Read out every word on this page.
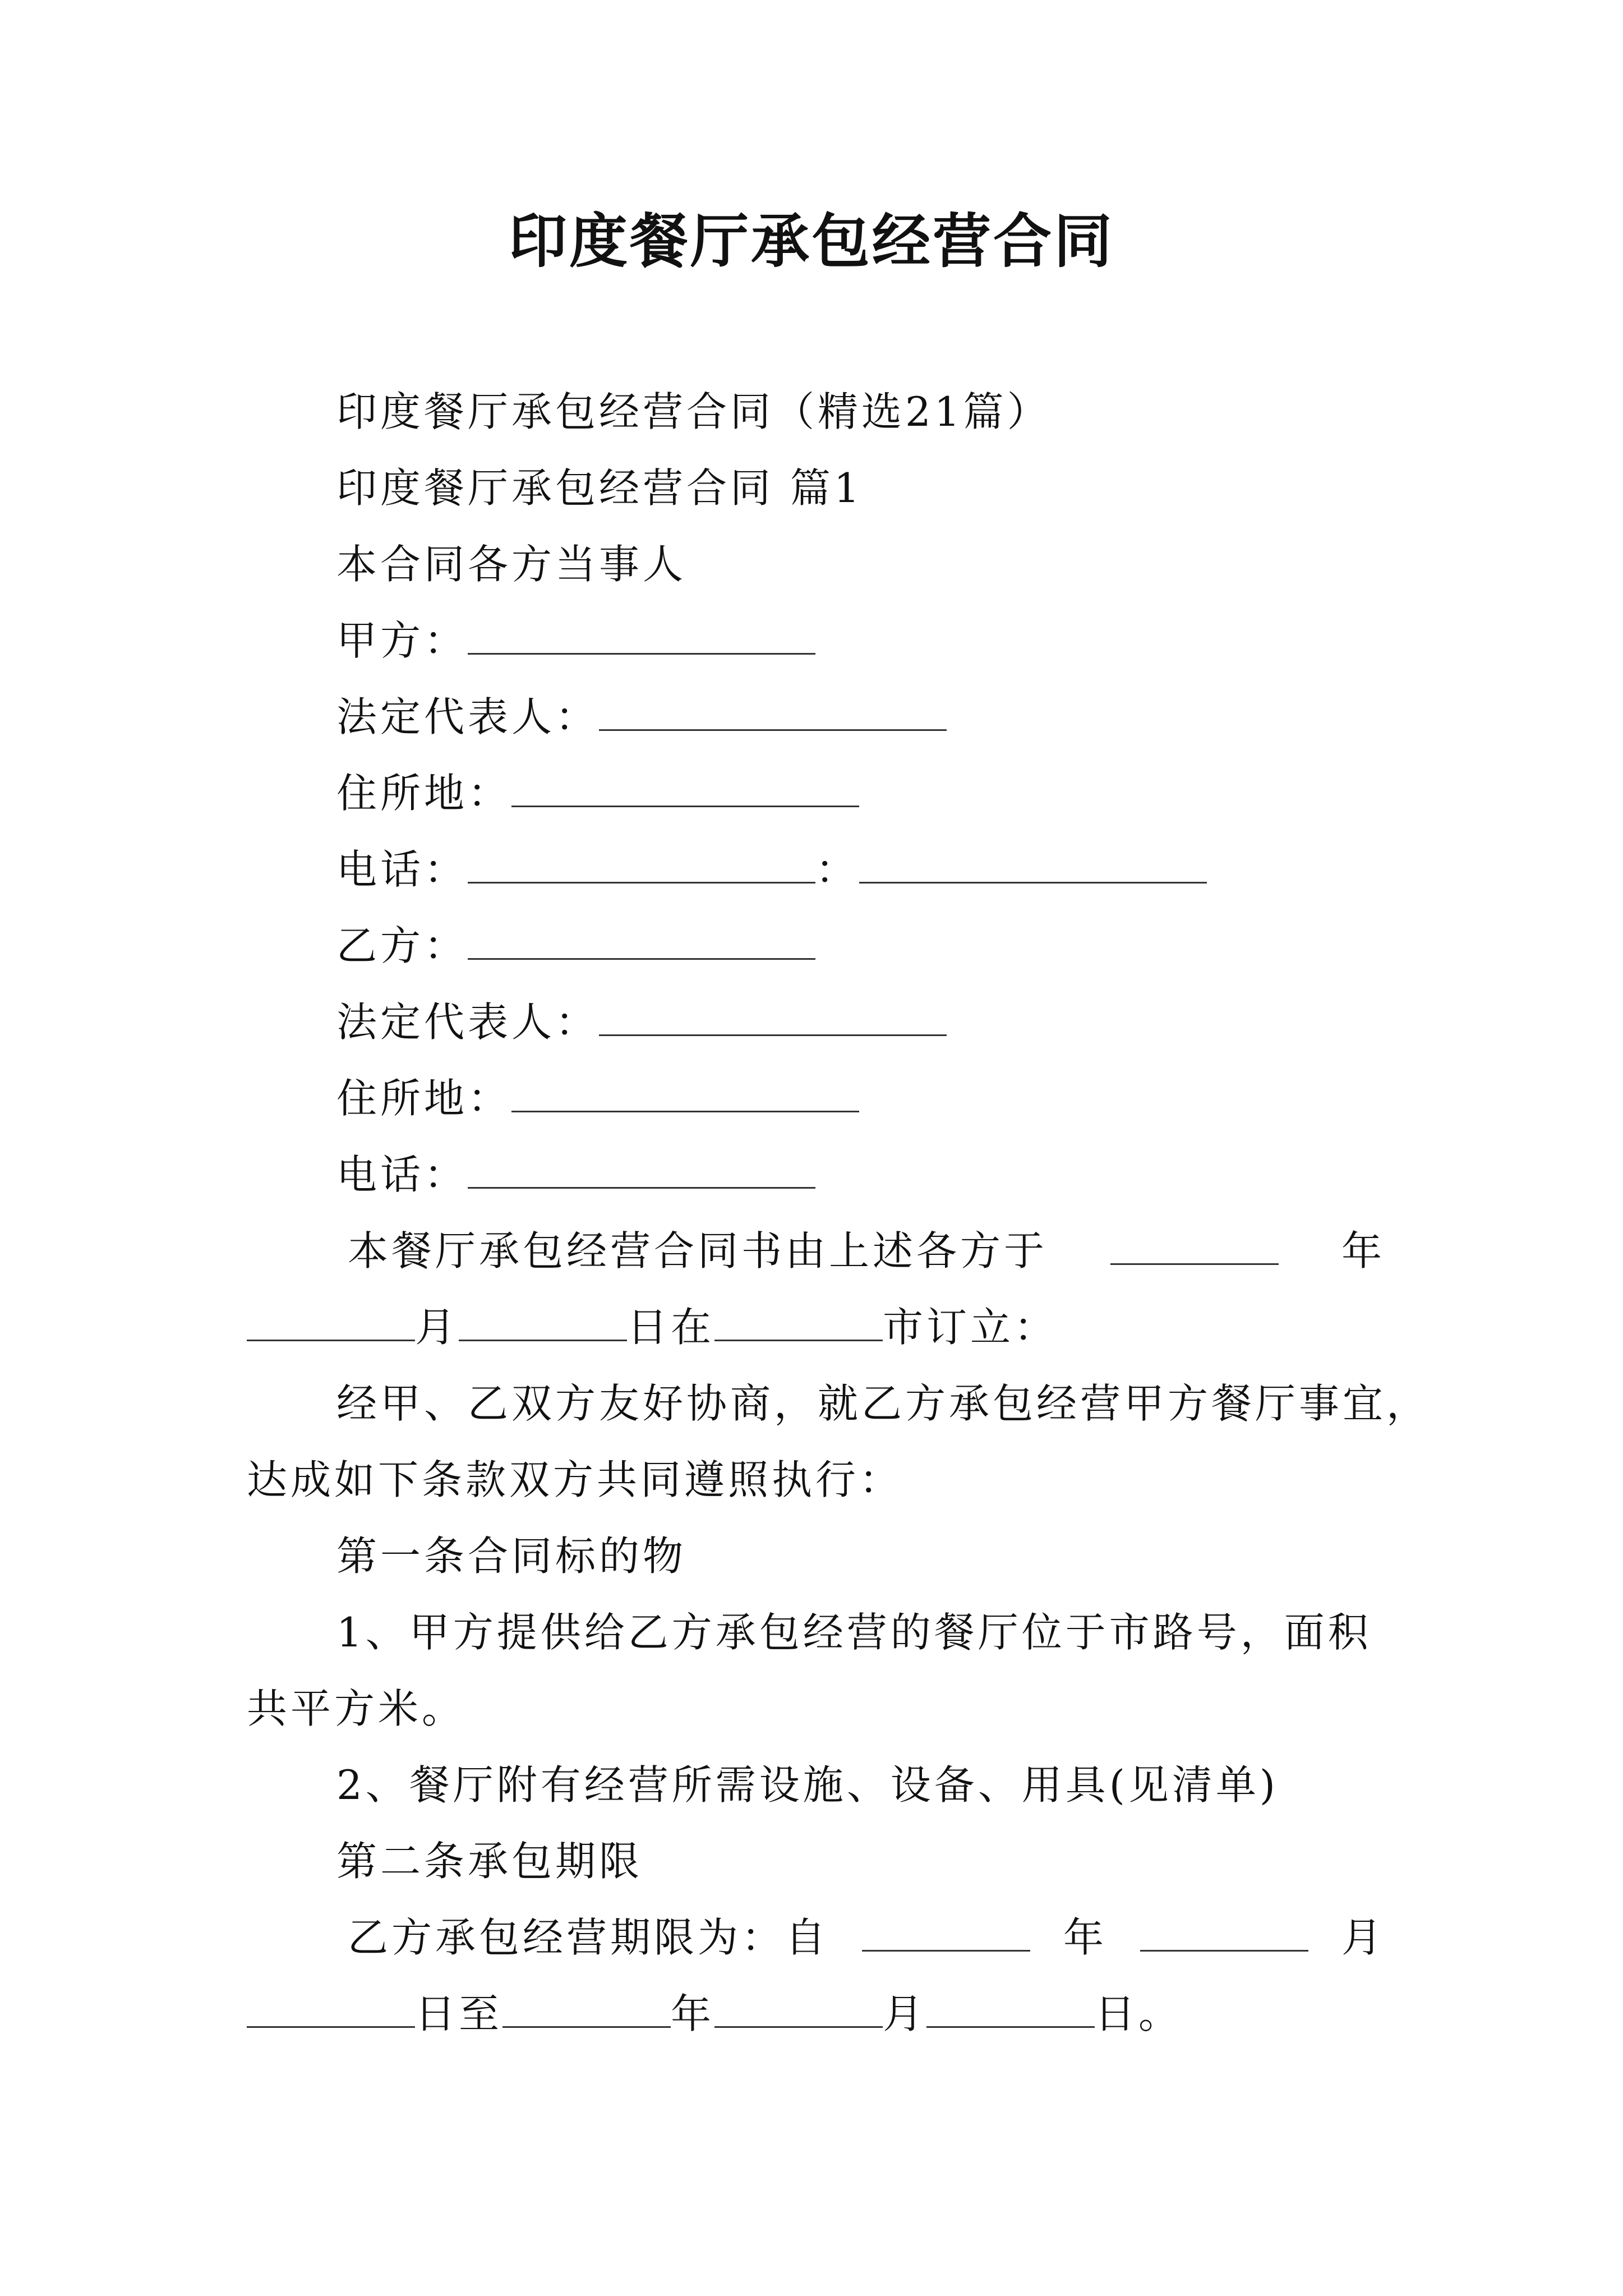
印度餐厅承包经营合同
印度餐厅承包经营合同（精选21篇）
印度餐厅承包经营合同 篇1
本合同各方当事人
甲方：
法定代表人：
住所地：
电话：	：
乙方：
法定代表人：
住所地：
电话：
本餐厅承包经营合同书由上述各方于	年
月	日在	市订立：
经甲、乙双方友好协商，就乙方承包经营甲方餐厅事宜，
达成如下条款双方共同遵照执行：
第一条合同标的物
1、甲方提供给乙方承包经营的餐厅位于市路号，面积
共平方米。
2、餐厅附有经营所需设施、设备、用具(见清单)
第二条承包期限
乙方承包经营期限为：自	年	月
日至	年	月	日。
